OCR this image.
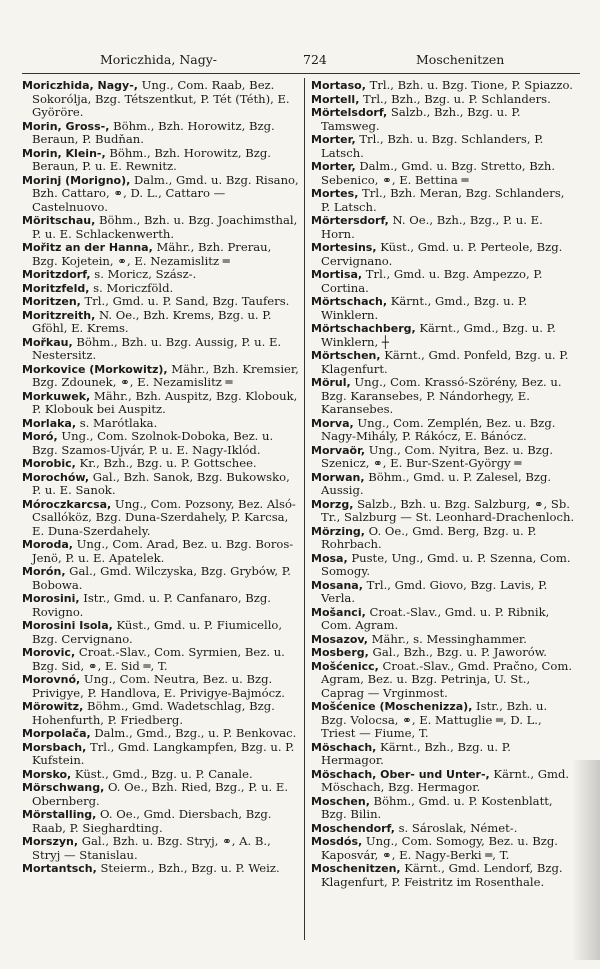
Moriczhida, Nagy-	724	Moschenitzen

Moriczhida, Nagy-, Ung., Com. Raab, Bez. Sokorólja, Bzg. Tétszentkut, P. Tét (Téth), E. Györöre.

Morin, Gross-, Böhm., Bzh. Horowitz, Bzg. Beraun, P. Budňan.

Morin, Klein-, Böhm., Bzh. Horowitz, Bzg. Beraun, P. u. E. Rewnitz.

Morinj (Morigno), Dalm., Gmd. u. Bzg. Risano, Bzh. Cattaro, ⚭, D. L., Cattaro — Castelnuovo.

Möritschau, Böhm., Bzh. u. Bzg. Joachimsthal, P. u. E. Schlackenwerth.

Mořitz an der Hanna, Mähr., Bzh. Prerau, Bzg. Kojetein, ⚭, E. Nezamislitz ═

Moritzdorf, s. Moricz, Szász-.

Moritzfeld, s. Moriczföld.

Moritzen, Trl., Gmd. u. P. Sand, Bzg. Taufers.

Moritzreith, N. Oe., Bzh. Krems, Bzg. u. P. Gföhl, E. Krems.

Mořkau, Böhm., Bzh. u. Bzg. Aussig, P. u. E. Nestersitz.

Morkovice (Morkowitz), Mähr., Bzh. Kremsier, Bzg. Zdounek, ⚭, E. Nezamislitz ═

Morkuwek, Mähr., Bzh. Auspitz, Bzg. Klobouk, P. Klobouk bei Auspitz.

Morlaka, s. Marótlaka.

Moró, Ung., Com. Szolnok-Doboka, Bez. u. Bzg. Szamos-Ujvár, P. u. E. Nagy-Iklód.

Morobic, Kr., Bzh., Bzg. u. P. Gottschee.

Morochów, Gal., Bzh. Sanok, Bzg. Bukowsko, P. u. E. Sanok.

Móroczkarcsa, Ung., Com. Pozsony, Bez. Alsó-Csallóköz, Bzg. Duna-Szerdahely, P. Karcsa, E. Duna-Szerdahely.

Moroda, Ung., Com. Arad, Bez. u. Bzg. Boros-Jenö, P. u. E. Apatelek.

Morón, Gal., Gmd. Wilczyska, Bzg. Grybów, P. Bobowa.

Morosini, Istr., Gmd. u. P. Canfanaro, Bzg. Rovigno.

Morosini Isola, Küst., Gmd. u. P. Fiumicello, Bzg. Cervignano.

Morovic, Croat.-Slav., Com. Syrmien, Bez. u. Bzg. Sid, ⚭, E. Sid ═, T.

Morovnó, Ung., Com. Neutra, Bez. u. Bzg. Privigye, P. Handlova, E. Privigye-Bajmócz.

Mörowitz, Böhm., Gmd. Wadetschlag, Bzg. Hohenfurth, P. Friedberg.

Morpolača, Dalm., Gmd., Bzg., u. P. Benkovac.

Morsbach, Trl., Gmd. Langkampfen, Bzg. u. P. Kufstein.

Morsko, Küst., Gmd., Bzg. u. P. Canale.

Mörschwang, O. Oe., Bzh. Ried, Bzg., P. u. E. Obernberg.

Mörstalling, O. Oe., Gmd. Diersbach, Bzg. Raab, P. Sieghardting.

Morszyn, Gal., Bzh. u. Bzg. Stryj, ⚭, A. B., Stryj — Stanislau.

Mortantsch, Steierm., Bzh., Bzg. u. P. Weiz.

Mortaso, Trl., Bzh. u. Bzg. Tione, P. Spiazzo.

Mortell, Trl., Bzh., Bzg. u. P. Schlanders.

Mörtelsdorf, Salzb., Bzh., Bzg. u. P. Tamsweg.

Morter, Trl., Bzh. u. Bzg. Schlanders, P. Latsch.

Morter, Dalm., Gmd. u. Bzg. Stretto, Bzh. Sebenico, ⚭, E. Bettina ═

Mortes, Trl., Bzh. Meran, Bzg. Schlanders, P. Latsch.

Mörtersdorf, N. Oe., Bzh., Bzg., P. u. E. Horn.

Mortesins, Küst., Gmd. u. P. Perteole, Bzg. Cervignano.

Mortisa, Trl., Gmd. u. Bzg. Ampezzo, P. Cortina.

Mörtschach, Kärnt., Gmd., Bzg. u. P. Winklern.

Mörtschachberg, Kärnt., Gmd., Bzg. u. P. Winklern, ┼

Mörtschen, Kärnt., Gmd. Ponfeld, Bzg. u. P. Klagenfurt.

Mörul, Ung., Com. Krassó-Szörény, Bez. u. Bzg. Karansebes, P. Nándorhegy, E. Karansebes.

Morva, Ung., Com. Zemplén, Bez. u. Bzg. Nagy-Mihály, P. Rákócz, E. Bánócz.

Morvaör, Ung., Com. Nyitra, Bez. u. Bzg. Szenicz, ⚭, E. Bur-Szent-György ═

Morwan, Böhm., Gmd. u. P. Zalesel, Bzg. Aussig.

Morzg, Salzb., Bzh. u. Bzg. Salzburg, ⚭, Sb. Tr., Salzburg — St. Leonhard-Drachenloch.

Mörzing, O. Oe., Gmd. Berg, Bzg. u. P. Rohrbach.

Mosa, Puste, Ung., Gmd. u. P. Szenna, Com. Somogy.

Mosana, Trl., Gmd. Giovo, Bzg. Lavis, P. Verla.

Mošanci, Croat.-Slav., Gmd. u. P. Ribnik, Com. Agram.

Mosazov, Mähr., s. Messinghammer.

Mosberg, Gal., Bzh., Bzg. u. P. Jaworów.

Mošćenicc, Croat.-Slav., Gmd. Pračno, Com. Agram, Bez. u. Bzg. Petrinja, U. St., Caprag — Vrginmost.

Mošćenice (Moschenizza), Istr., Bzh. u. Bzg. Volocsa, ⚭, E. Mattuglie ═, D. L., Triest — Fiume, T.

Möschach, Kärnt., Bzh., Bzg. u. P. Hermagor.

Möschach, Ober- und Unter-, Kärnt., Gmd. Möschach, Bzg. Hermagor.

Moschen, Böhm., Gmd. u. P. Kostenblatt, Bzg. Bilin.

Moschendorf, s. Sároslak, Német-.

Mosdós, Ung., Com. Somogy, Bez. u. Bzg. Kaposvár, ⚭, E. Nagy-Berki ═, T.

Moschenitzen, Kärnt., Gmd. Lendorf, Bzg. Klagenfurt, P. Feistritz im Rosenthale.
